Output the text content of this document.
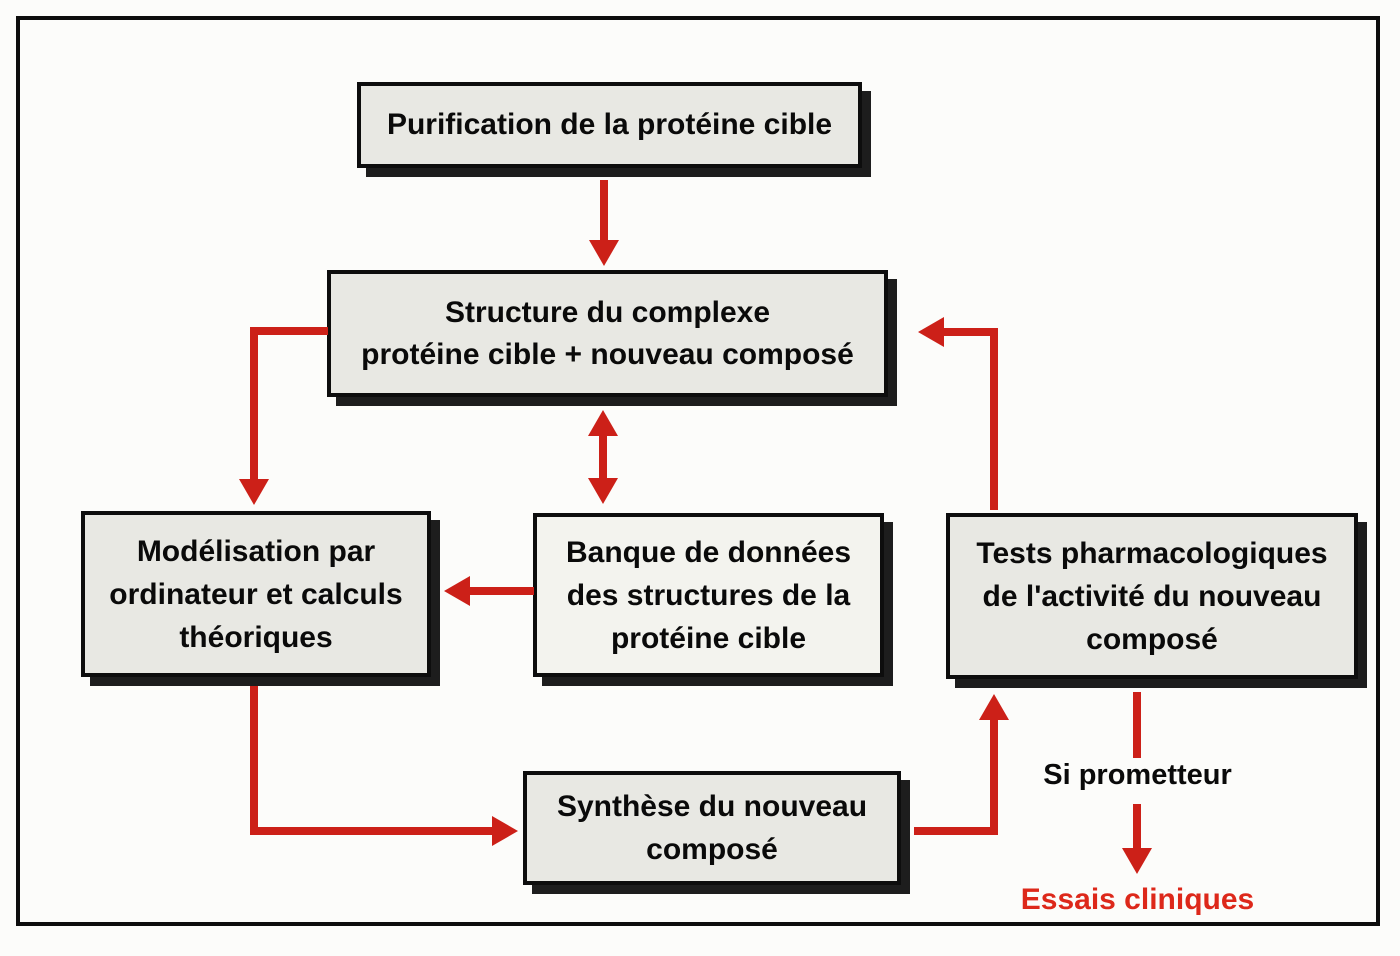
Purification de la protéine cible
Structure du complexe
protéine cible + nouveau composé
Modélisation par
ordinateur et calculs
théoriques
Banque de données
des structures de la
protéine cible
Tests pharmacologiques
de l'activité du nouveau
composé
Synthèse du nouveau
composé
Si prometteur
Essais cliniques
